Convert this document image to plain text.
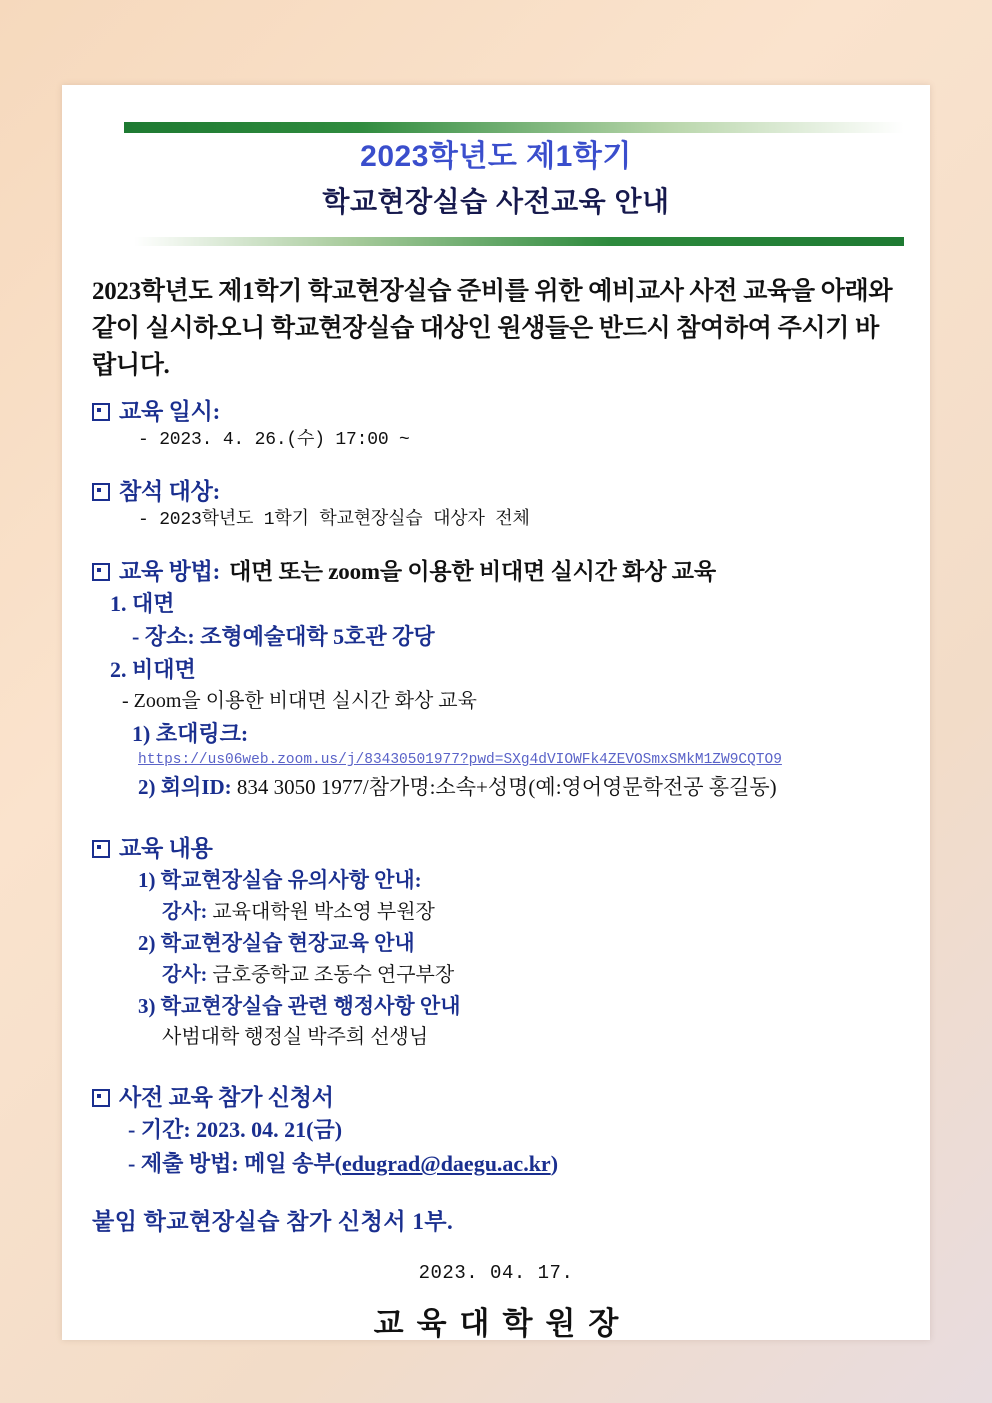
2023학년도 제1학기
학교현장실습 사전교육 안내
2023학년도 제1학기 학교현장실습 준비를 위한 예비교사 사전 교육을 아래와 같이 실시하오니 학교현장실습 대상인 원생들은 반드시 참여하여 주시기 바랍니다.
교육 일시:
- 2023. 4. 26.(수) 17:00 ~
참석 대상:
- 2023학년도 1학기 학교현장실습 대상자 전체
교육 방법: 대면 또는 zoom을 이용한 비대면 실시간 화상 교육
1. 대면
- 장소: 조형예술대학 5호관 강당
2. 비대면
- Zoom을 이용한 비대면 실시간 화상 교육
1) 초대링크:
https://us06web.zoom.us/j/83430501977?pwd=SXg4dVIOWFk4ZEVOSmxSMkM1ZW9CQTO9
2) 회의ID: 834 3050 1977/참가명:소속+성명(예:영어영문학전공 홍길동)
교육 내용
1) 학교현장실습 유의사항 안내:
강사: 교육대학원 박소영 부원장
2) 학교현장실습 현장교육 안내
강사: 금호중학교 조동수 연구부장
3) 학교현장실습 관련 행정사항 안내
사범대학 행정실 박주희 선생님
사전 교육 참가 신청서
- 기간: 2023. 04. 21(금)
- 제출 방법: 메일 송부(edugrad@daegu.ac.kr)
붙임 학교현장실습 참가 신청서 1부.
2023. 04. 17.
교육대학원장
